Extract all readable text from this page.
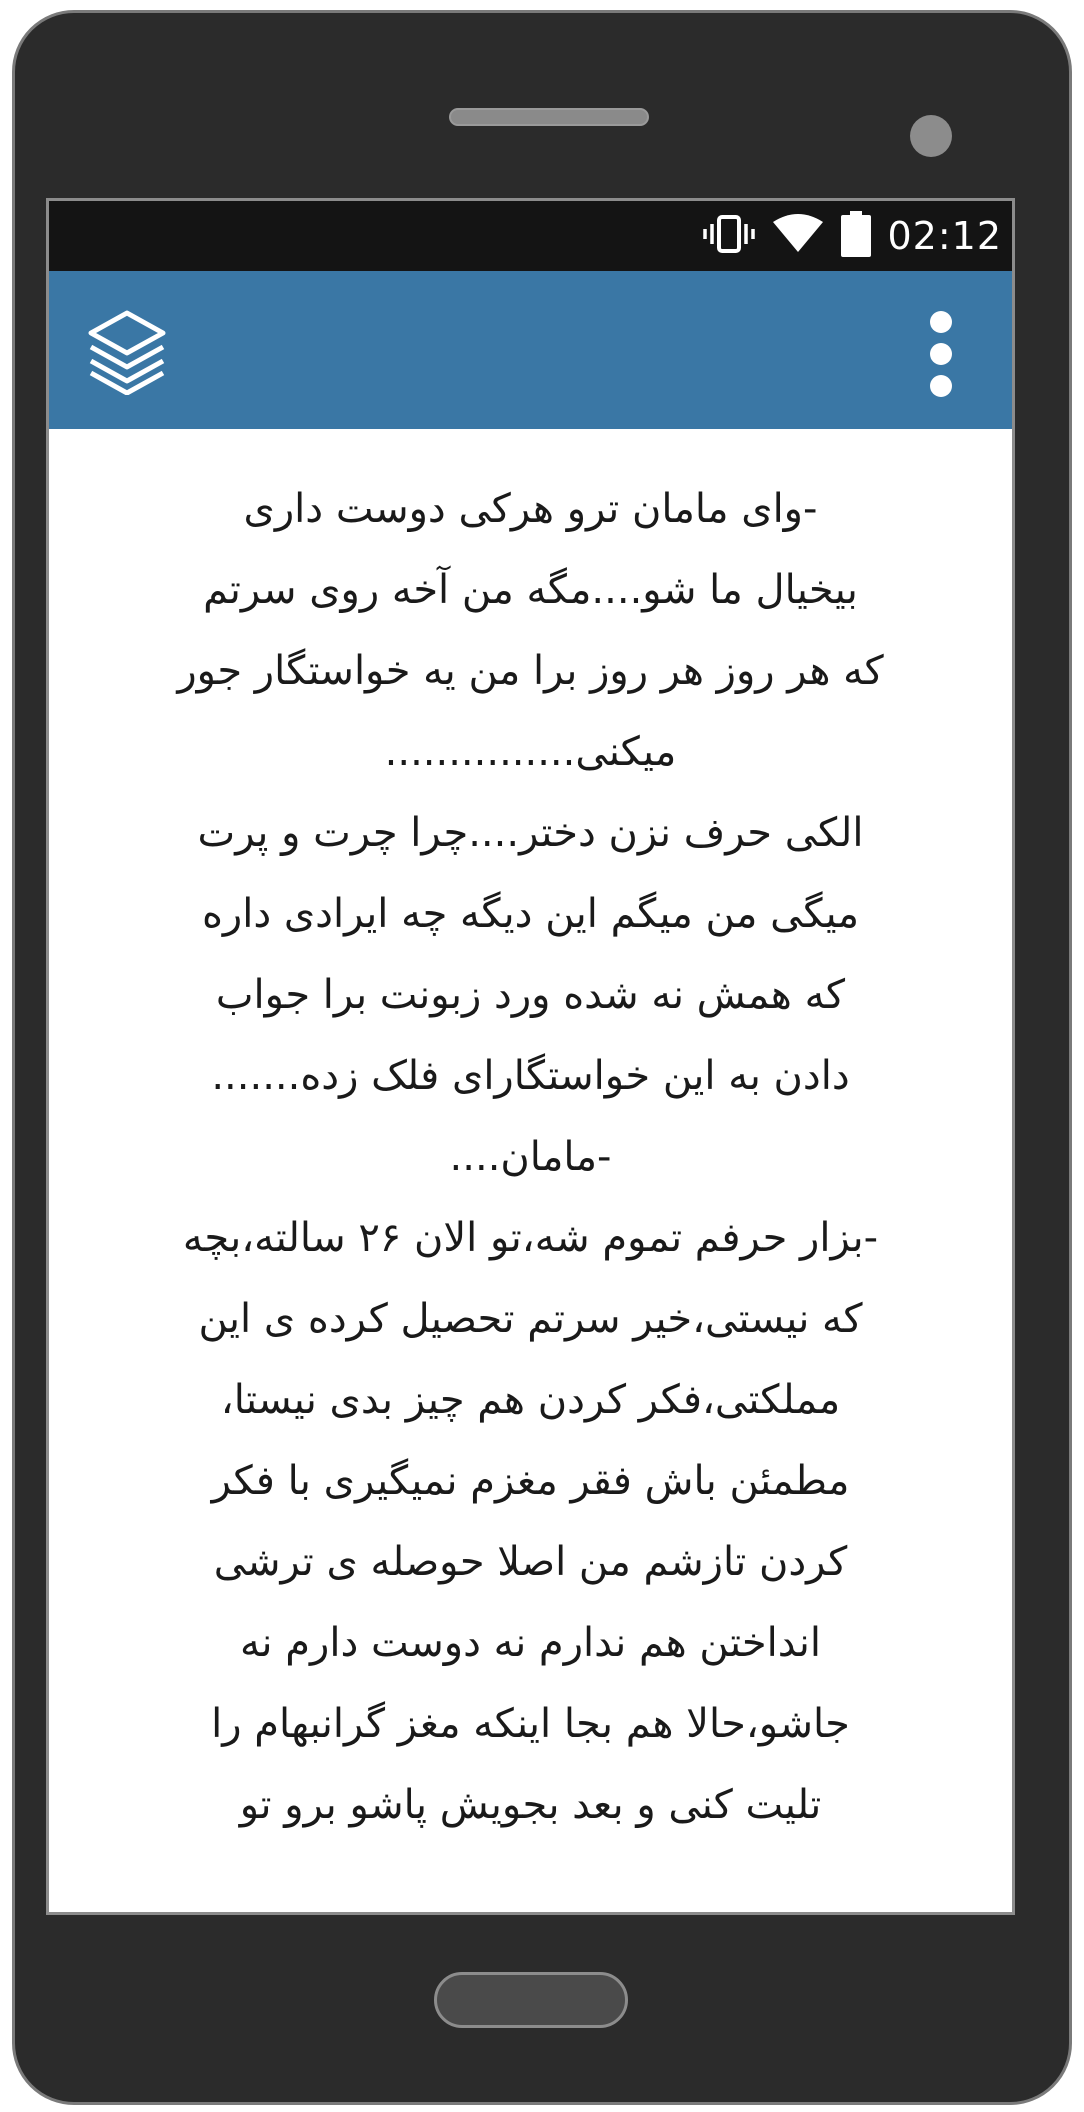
02:12
-وای مامان ترو هرکی دوست داری
بیخیال ما شو....مگه من آخه روی سرتم
که هر روز هر روز برا من یه خواستگار جور
میکنی...............
الکی حرف نزن دختر....چرا چرت و پرت
میگی من میگم این دیگه چه ایرادی داره
که همش نه شده ورد زبونت برا جواب
دادن به این خواستگارای فلک زده.......
-مامان....
-بزار حرفم تموم شه،تو الان ۲۶ سالته،بچه
که نیستی،خیر سرتم تحصیل کرده ی این
مملکتی،فکر کردن هم چیز بدی نیستا،
مطمئن باش فقر مغزم نمیگیری با فکر
کردن تازشم من اصلا حوصله ی ترشی
انداختن هم ندارم نه دوست دارم نه
جاشو،حالا هم بجا اینکه مغز گرانبهام را
تلیت کنی و بعد بجویش پاشو برو تو
